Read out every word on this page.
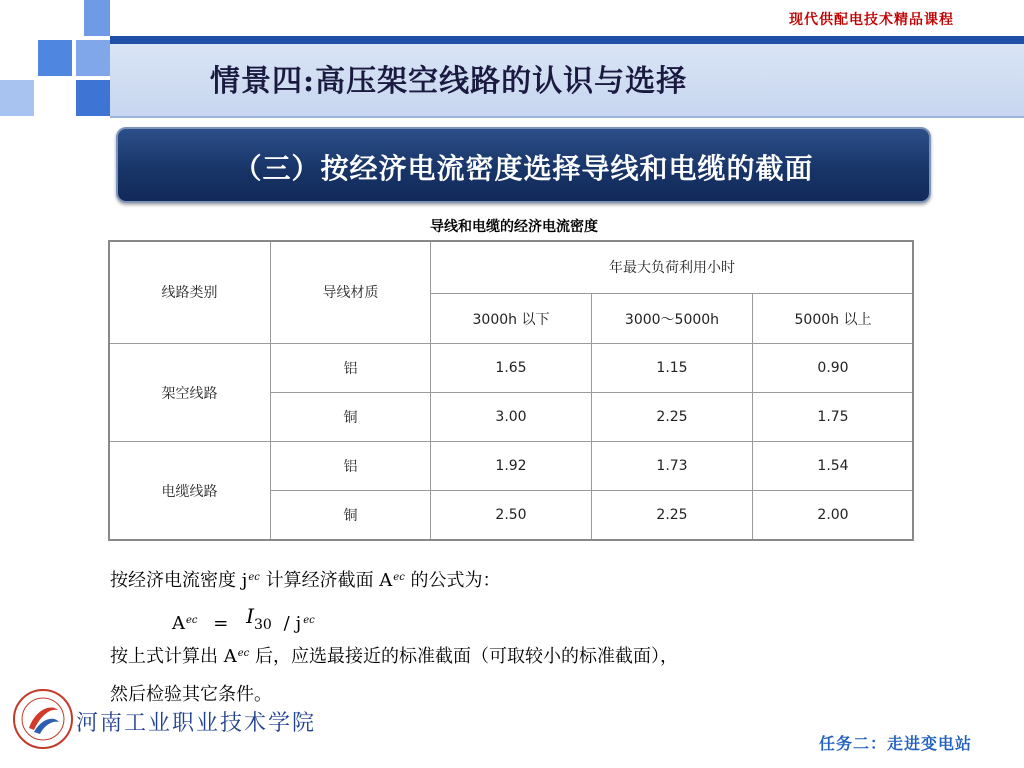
现代供配电技术精品课程
情景四:高压架空线路的认识与选择
（三）按经济电流密度选择导线和电缆的截面
导线和电缆的经济电流密度
线路类别	导线材质	年最大负荷利用小时		
		3000h 以下	3000～5000h	5000h 以上
架空线路	铝	1.65	1.15	0.90
	铜	3.00	2.25	1.75
电缆线路	铝	1.92	1.73	1.54
	铜	2.50	2.25	2.00
按经济电流密度 $j^{ec}$ 计算经济截面 $A^{ec}$ 的公式为：
$A^{ec} = I30 / j$ $^{ec}$
按上式计算出 $A^{ec}$ 后，应选最接近的标准截面（可取较小的标准截面），
然后检验其它条件。
河南工业职业技术学院
任务二：走进变电站
